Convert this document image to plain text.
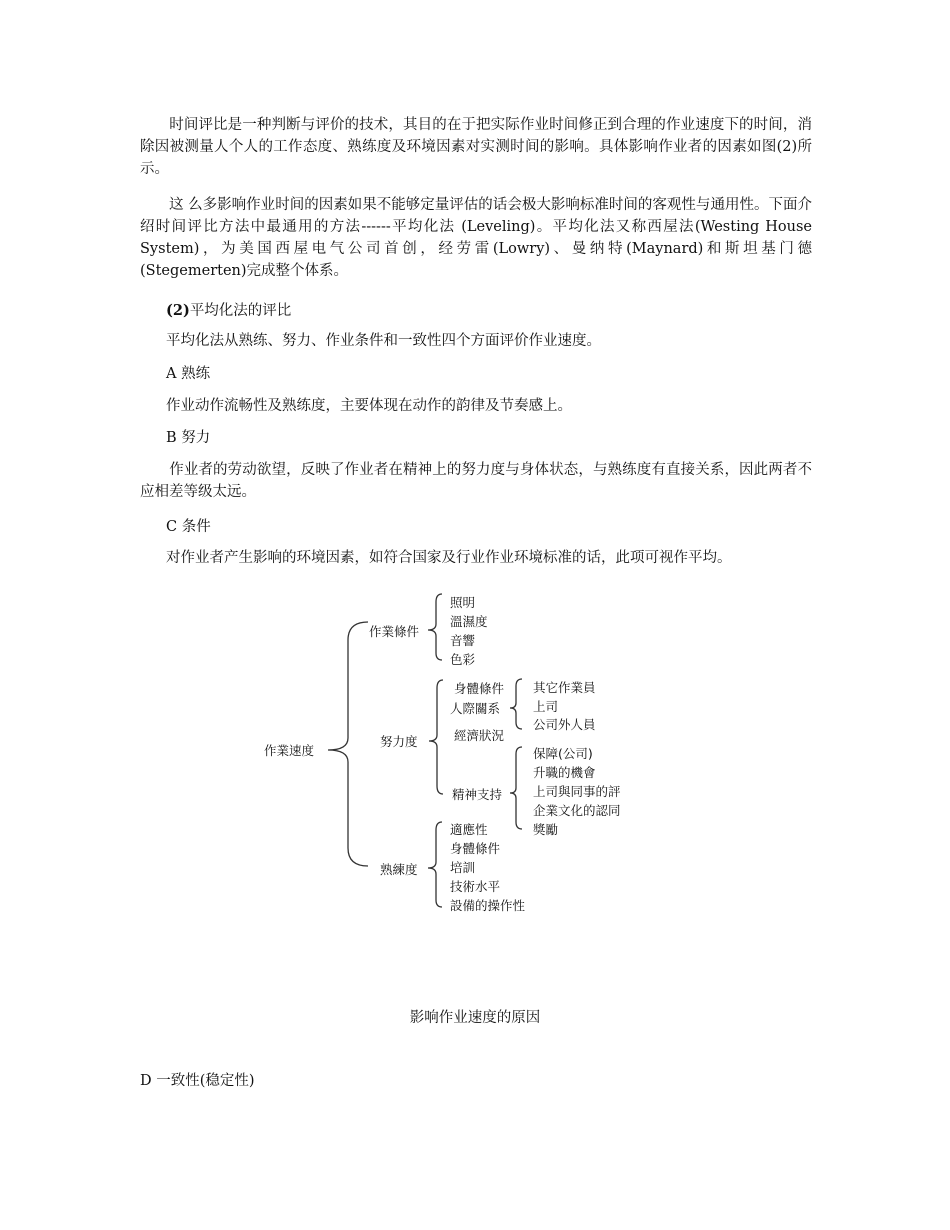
　　时间评比是一种判断与评价的技术，其目的在于把实际作业时间修正到合理的作业速度下的时间，消除因被测量人个人的工作态度、熟练度及环境因素对实测时间的影响。具体影响作业者的因素如图(2)所示。

　　这 么多影响作业时间的因素如果不能够定量评估的话会极大影响标准时间的客观性与通用性。下面介绍时间评比方法中最通用的方法------平均化法 (Leveling)。平均化法又称西屋法(Westing House System)，为美国西屋电气公司首创，经劳雷(Lowry)、曼纳特(Maynard)和斯坦基门德(Stegemerten)完成整个体系。

(2)平均化法的评比

平均化法从熟练、努力、作业条件和一致性四个方面评价作业速度。

A 熟练

作业动作流畅性及熟练度，主要体现在动作的韵律及节奏感上。

B 努力

　　作业者的劳动欲望，反映了作业者在精神上的努力度与身体状态，与熟练度有直接关系，因此两者不应相差等级太远。

C 条件

对作业者产生影响的环境因素，如符合国家及行业作业环境标准的话，此项可视作平均。

作業速度
作業條件
照明
溫濕度
音響
色彩
努力度
身體條件
人際關系
經濟狀況
精神支持
其它作業員
上司
公司外人員
保障(公司)
升職的機會
上司與同事的評
企業文化的認同
獎勵
熟練度
適應性
身體條件
培訓
技術水平
設備的操作性
影响作业速度的原因

D 一致性(稳定性)
